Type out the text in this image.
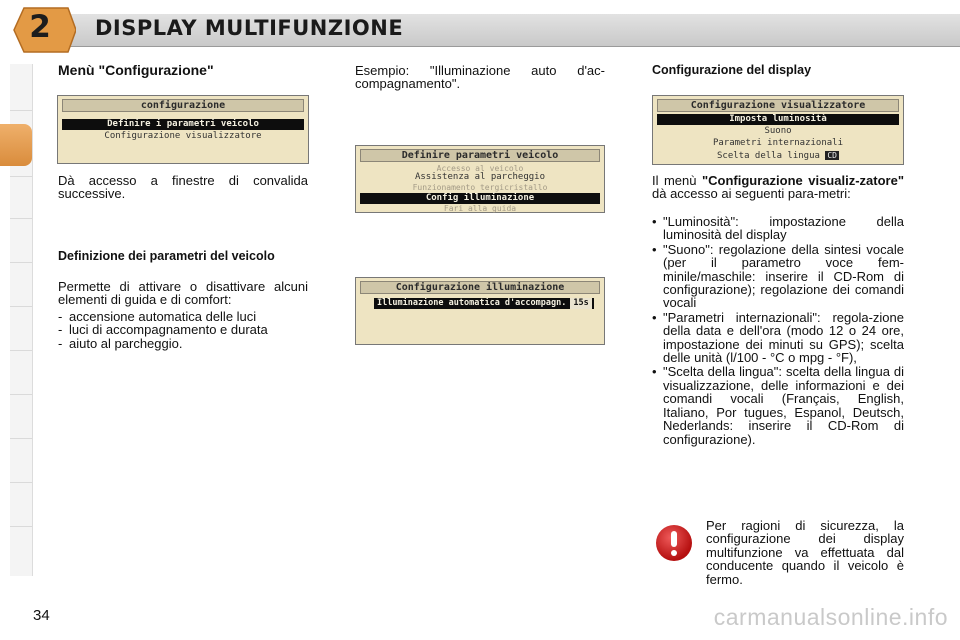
2 DISPLAY MULTIFUNZIONE
Menù "Configurazione"
configurazione
Definire i parametri veicolo
Configurazione visualizzatore
Dà accesso a finestre di convalida successive.
Definizione dei parametri del veicolo
Permette di attivare o disattivare alcuni elementi di guida e di comfort:
- accensione automatica delle luci
- luci di accompagnamento e durata
- aiuto al parcheggio.
Esempio: "Illuminazione auto d'ac-compagnamento".
Definire parametri veicolo
Accesso al veicolo
Assistenza al parcheggio
Funzionamento tergicristallo
Config illuminazione
Fari alla guida
Configurazione illuminazione
Illuminazione automatica d'accompagn. 15s
Configurazione del display
Configurazione visualizzatore
Imposta luminosità
Suono
Parametri internazionali
Scelta della lingua CD
Il menù "Configurazione visualiz-zatore" dà accesso ai seguenti para-metri:
• "Luminosità": impostazione della luminosità del display
• "Suono": regolazione della sintesi vocale (per il parametro voce fem-minile/maschile: inserire il CD-Rom di configurazione); regolazione dei comandi vocali
• "Parametri internazionali": regola-zione della data e dell'ora (modo 12 o 24 ore, impostazione dei minuti su GPS); scelta delle unità (l/100 - °C o mpg - °F),
• "Scelta della lingua": scelta della lingua di visualizzazione, delle informazioni e dei comandi vocali (Français, English, Italiano, Por tugues, Espanol, Deutsch, Nederlands: inserire il CD-Rom di configurazione).
Per ragioni di sicurezza, la configurazione dei display multifunzione va effettuata dal conducente quando il veicolo è fermo.
34	carmanualsonline.info
